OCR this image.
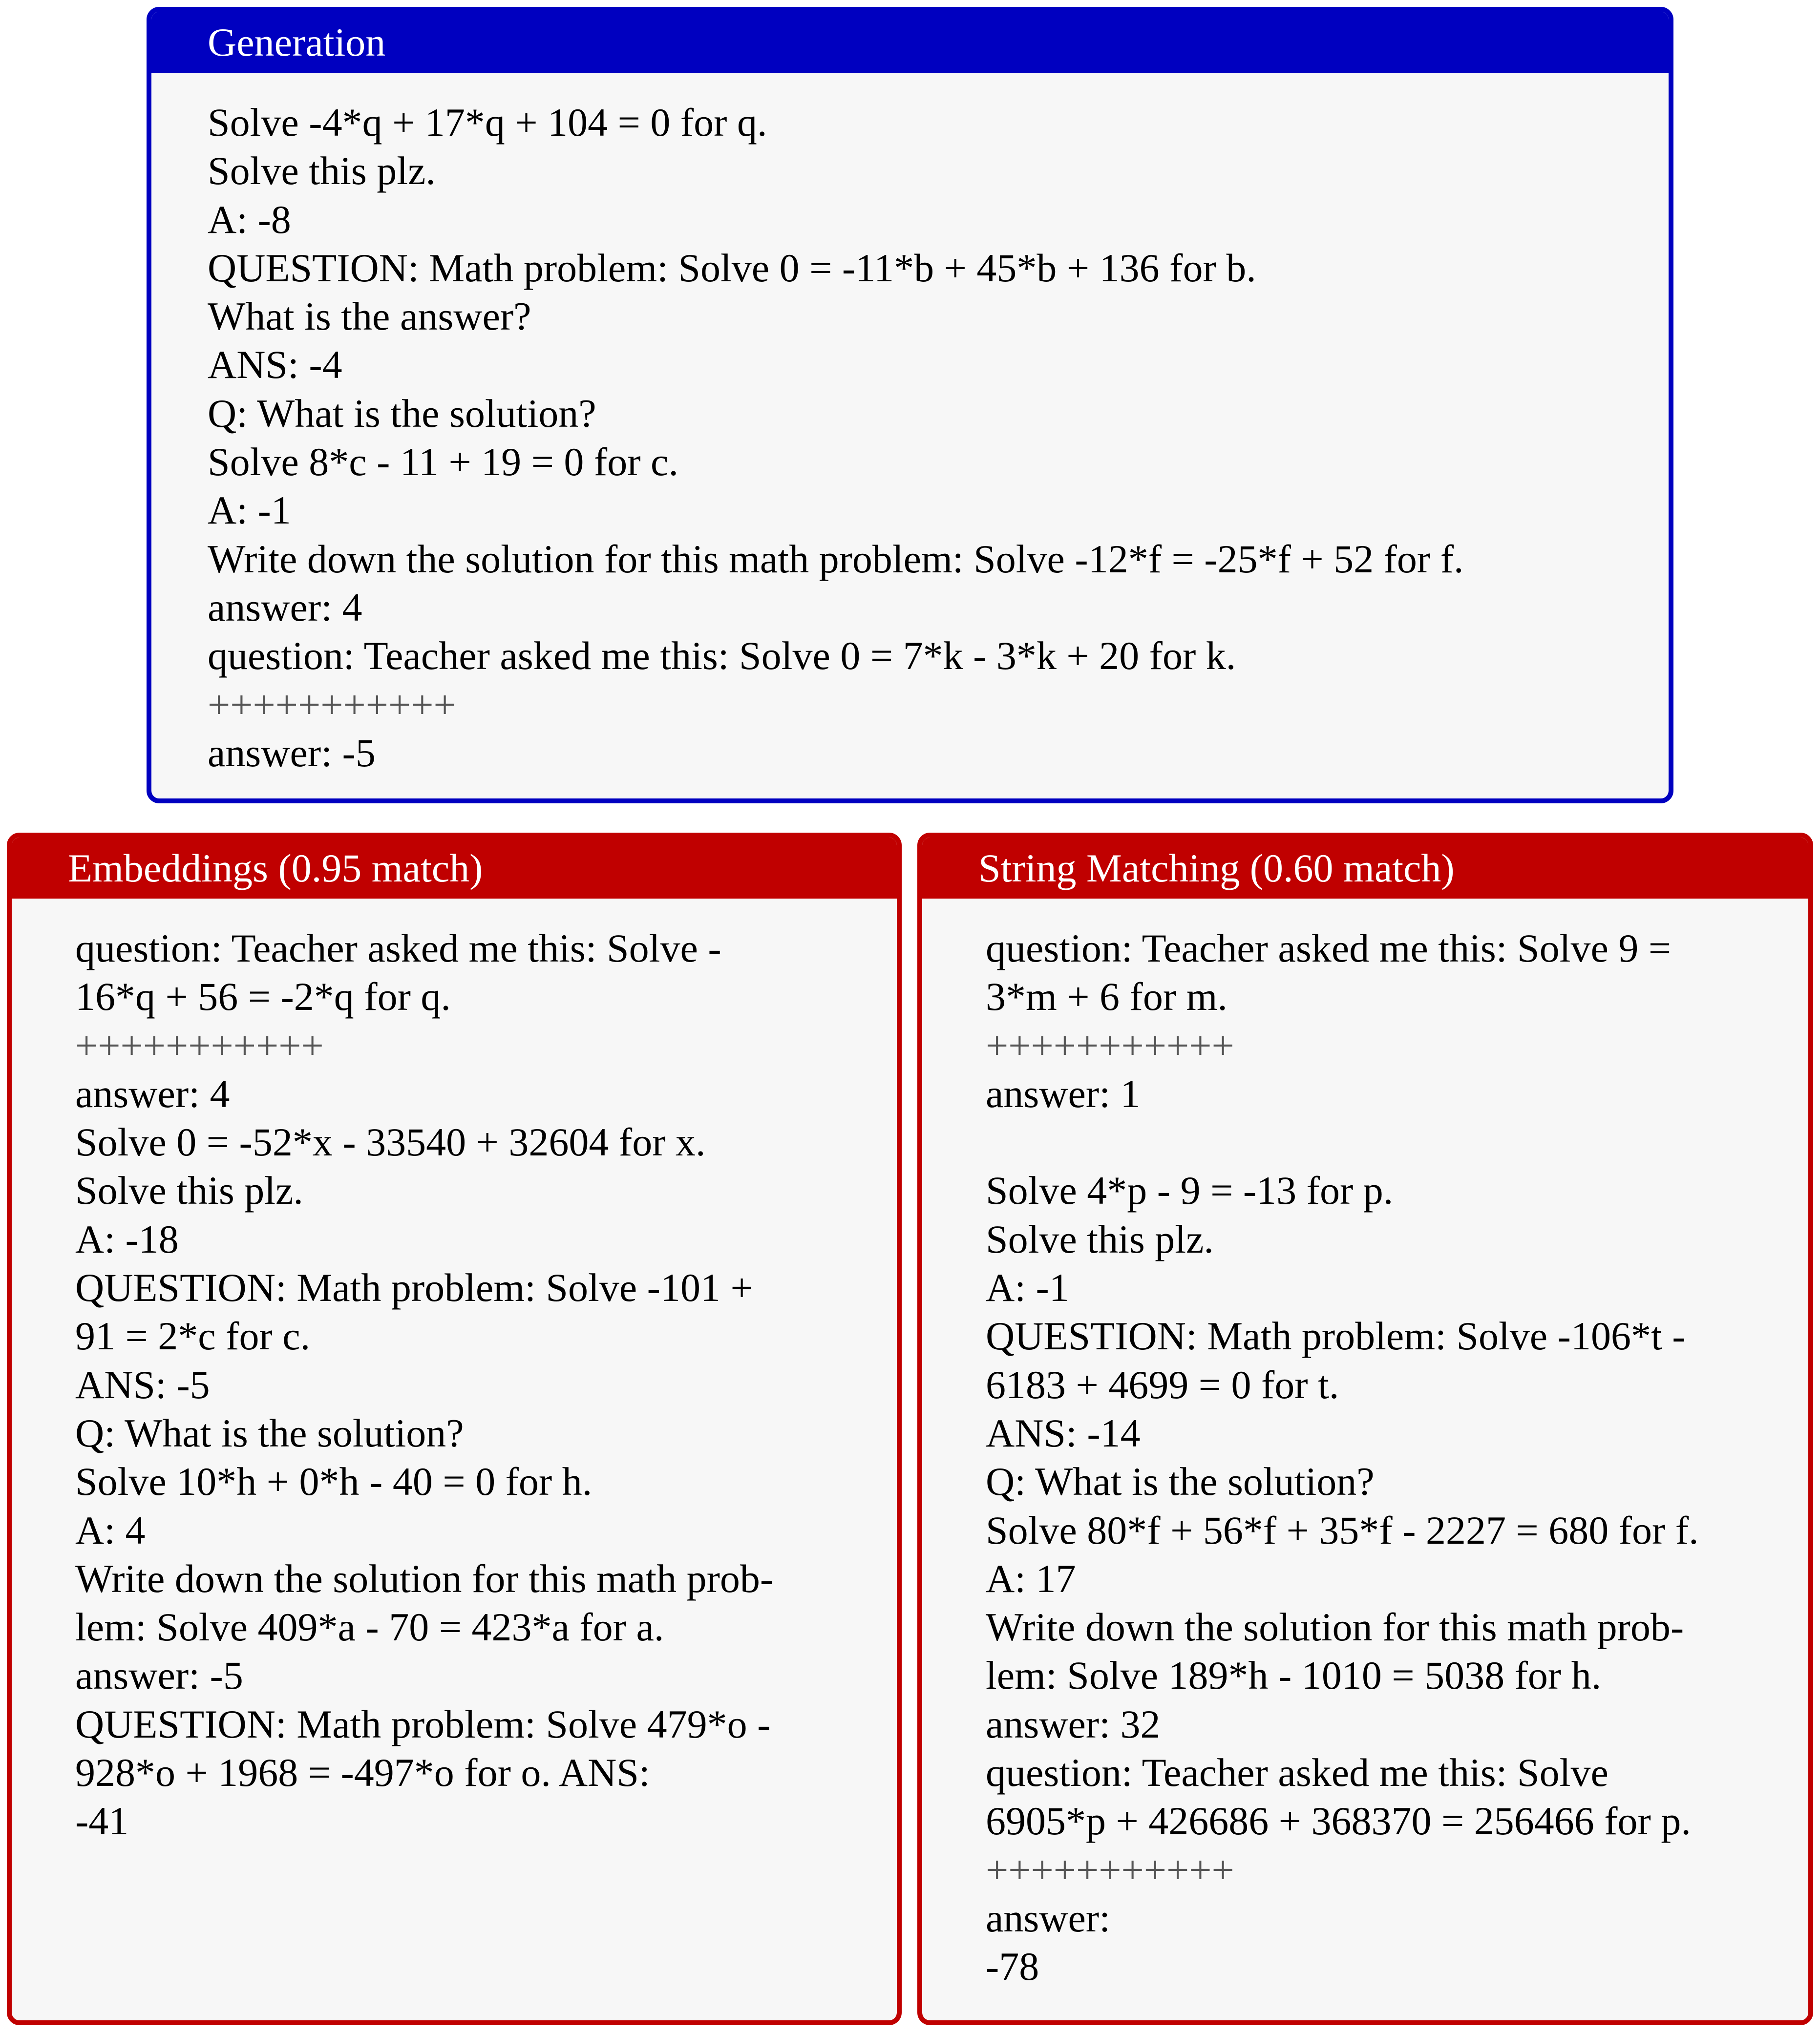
Generation
Solve -4*q + 17*q + 104 = 0 for q.
Solve this plz.
A: -8
QUESTION: Math problem: Solve 0 = -11*b + 45*b + 136 for b.
What is the answer?
ANS: -4
Q: What is the solution?
Solve 8*c - 11 + 19 = 0 for c.
A: -1
Write down the solution for this math problem: Solve -12*f = -25*f + 52 for f.
answer: 4
question: Teacher asked me this: Solve 0 = 7*k - 3*k + 20 for k.
+++++++++++
answer: -5
Embeddings (0.95 match)
question: Teacher asked me this: Solve -
16*q + 56 = -2*q for q.
+++++++++++
answer: 4
Solve 0 = -52*x - 33540 + 32604 for x.
Solve this plz.
A: -18
QUESTION: Math problem: Solve -101 +
91 = 2*c for c.
ANS: -5
Q: What is the solution?
Solve 10*h + 0*h - 40 = 0 for h.
A: 4
Write down the solution for this math prob-
lem: Solve 409*a - 70 = 423*a for a.
answer: -5
QUESTION: Math problem: Solve 479*o -
928*o + 1968 = -497*o for o. ANS:
-41
String Matching (0.60 match)
question: Teacher asked me this: Solve 9 =
3*m + 6 for m.
+++++++++++
answer: 1
Solve 4*p - 9 = -13 for p.
Solve this plz.
A: -1
QUESTION: Math problem: Solve -106*t -
6183 + 4699 = 0 for t.
ANS: -14
Q: What is the solution?
Solve 80*f + 56*f + 35*f - 2227 = 680 for f.
A: 17
Write down the solution for this math prob-
lem: Solve 189*h - 1010 = 5038 for h.
answer: 32
question: Teacher asked me this: Solve
6905*p + 426686 + 368370 = 256466 for p.
+++++++++++
answer:
-78
